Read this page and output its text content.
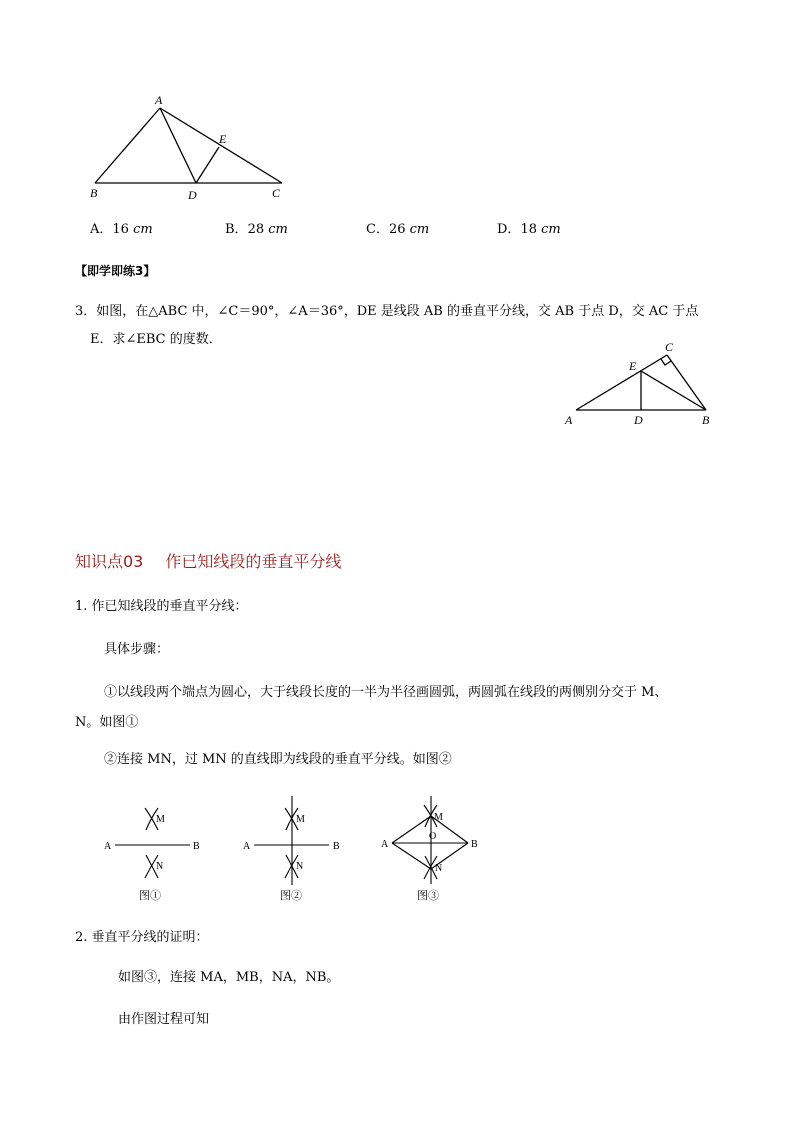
A
B	C
D
E
A．16 cm	B．28 cm	C．26 cm	D．18 cm
【即学即练3】
3．如图，在△ABC 中，∠C＝90°，∠A＝36°，DE 是线段 AB 的垂直平分线，交 AB 于点 D，交 AC 于点
E．求∠EBC 的度数．
A	B
C
D
E
知识点03 作已知线段的垂直平分线
1. 作已知线段的垂直平分线：
具体步骤：
①以线段两个端点为圆心，大于线段长度的一半为半径画圆弧，两圆弧在线段的两侧别分交于 M、
N。如图①
②连接 MN，过 MN 的直线即为线段的垂直平分线。如图②
A	B
M
N
A	B
M
N
A	B
M
O
N
图①	图②	图③
2. 垂直平分线的证明：
如图③，连接 MA，MB，NA，NB。
由作图过程可知
